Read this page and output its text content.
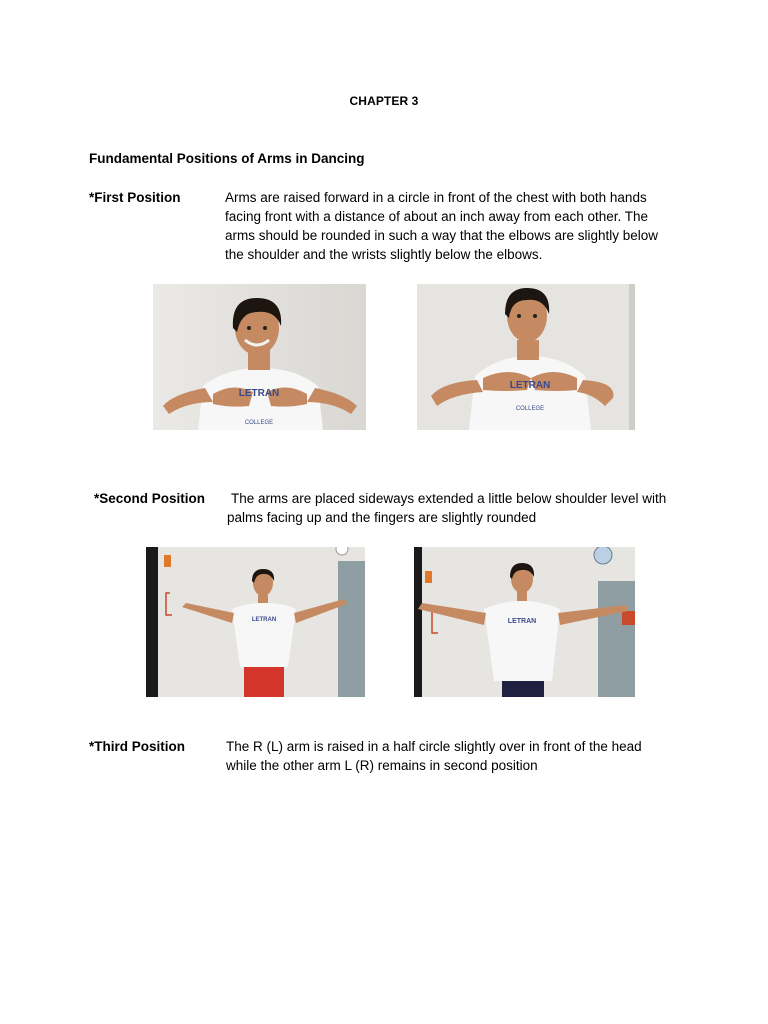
CHAPTER 3
Fundamental Positions of Arms in Dancing
*First Position	Arms are raised forward in a circle in front of the chest with both hands
facing front with a distance of about an inch away from each other. The
arms should be rounded in such a way that the elbows are slightly below
the shoulder and the wrists slightly below the elbows.
LETRAN
COLLEGE
LETRAN
COLLEGE
*Second Position The arms are placed sideways extended a little below shoulder level with
palms facing up and the fingers are slightly rounded
LETRAN	LETRAN
*Third Position	The R (L) arm is raised in a half circle slightly over in front of the head
while the other arm L (R) remains in second position
